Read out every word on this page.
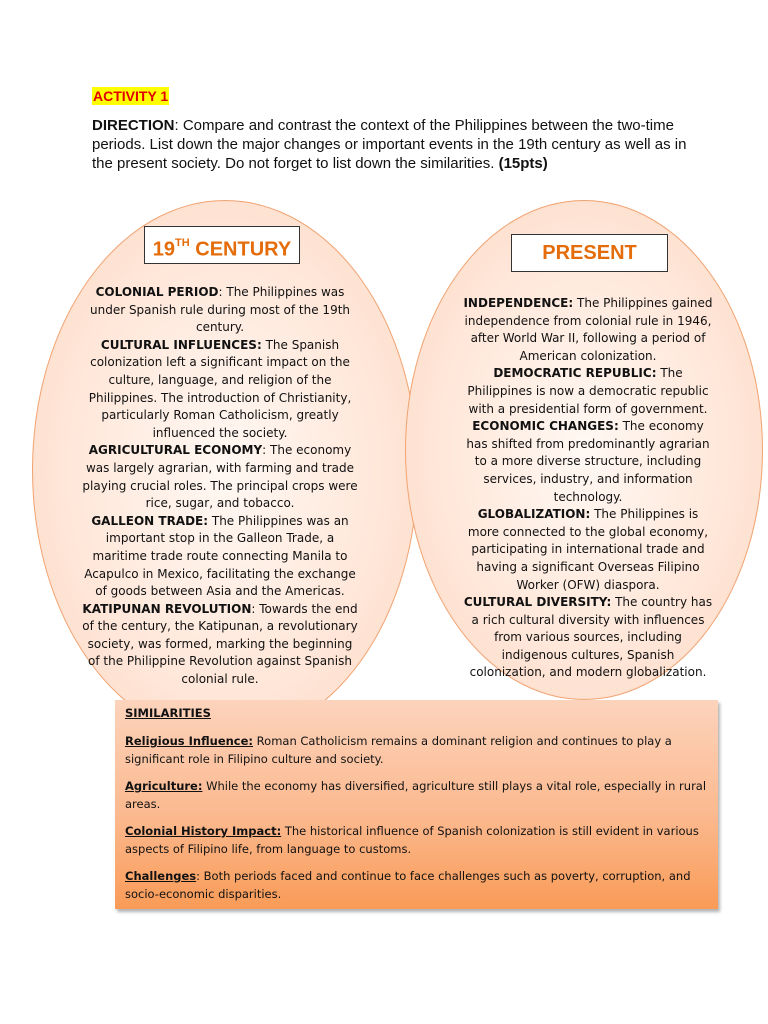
ACTIVITY 1
DIRECTION: Compare and contrast the context of the Philippines between the two-time periods. List down the major changes or important events in the 19th century as well as in the present society. Do not forget to list down the similarities. (15pts)
19TH CENTURY	PRESENT
COLONIAL PERIOD: The Philippines was under Spanish rule during most of the 19th century.
CULTURAL INFLUENCES: The Spanish colonization left a significant impact on the culture, language, and religion of the Philippines. The introduction of Christianity, particularly Roman Catholicism, greatly influenced the society.
AGRICULTURAL ECONOMY: The economy was largely agrarian, with farming and trade playing crucial roles. The principal crops were rice, sugar, and tobacco.
GALLEON TRADE: The Philippines was an important stop in the Galleon Trade, a maritime trade route connecting Manila to Acapulco in Mexico, facilitating the exchange of goods between Asia and the Americas.
KATIPUNAN REVOLUTION: Towards the end of the century, the Katipunan, a revolutionary society, was formed, marking the beginning of the Philippine Revolution against Spanish colonial rule.
INDEPENDENCE: The Philippines gained independence from colonial rule in 1946, after World War II, following a period of American colonization.
DEMOCRATIC REPUBLIC: The Philippines is now a democratic republic with a presidential form of government.
ECONOMIC CHANGES: The economy has shifted from predominantly agrarian to a more diverse structure, including services, industry, and information technology.
GLOBALIZATION: The Philippines is more connected to the global economy, participating in international trade and having a significant Overseas Filipino Worker (OFW) diaspora.
CULTURAL DIVERSITY: The country has a rich cultural diversity with influences from various sources, including indigenous cultures, Spanish colonization, and modern globalization.
SIMILARITIES
Religious Influence: Roman Catholicism remains a dominant religion and continues to play a significant role in Filipino culture and society.
Agriculture: While the economy has diversified, agriculture still plays a vital role, especially in rural areas.
Colonial History Impact: The historical influence of Spanish colonization is still evident in various aspects of Filipino life, from language to customs.
Challenges: Both periods faced and continue to face challenges such as poverty, corruption, and socio-economic disparities.
